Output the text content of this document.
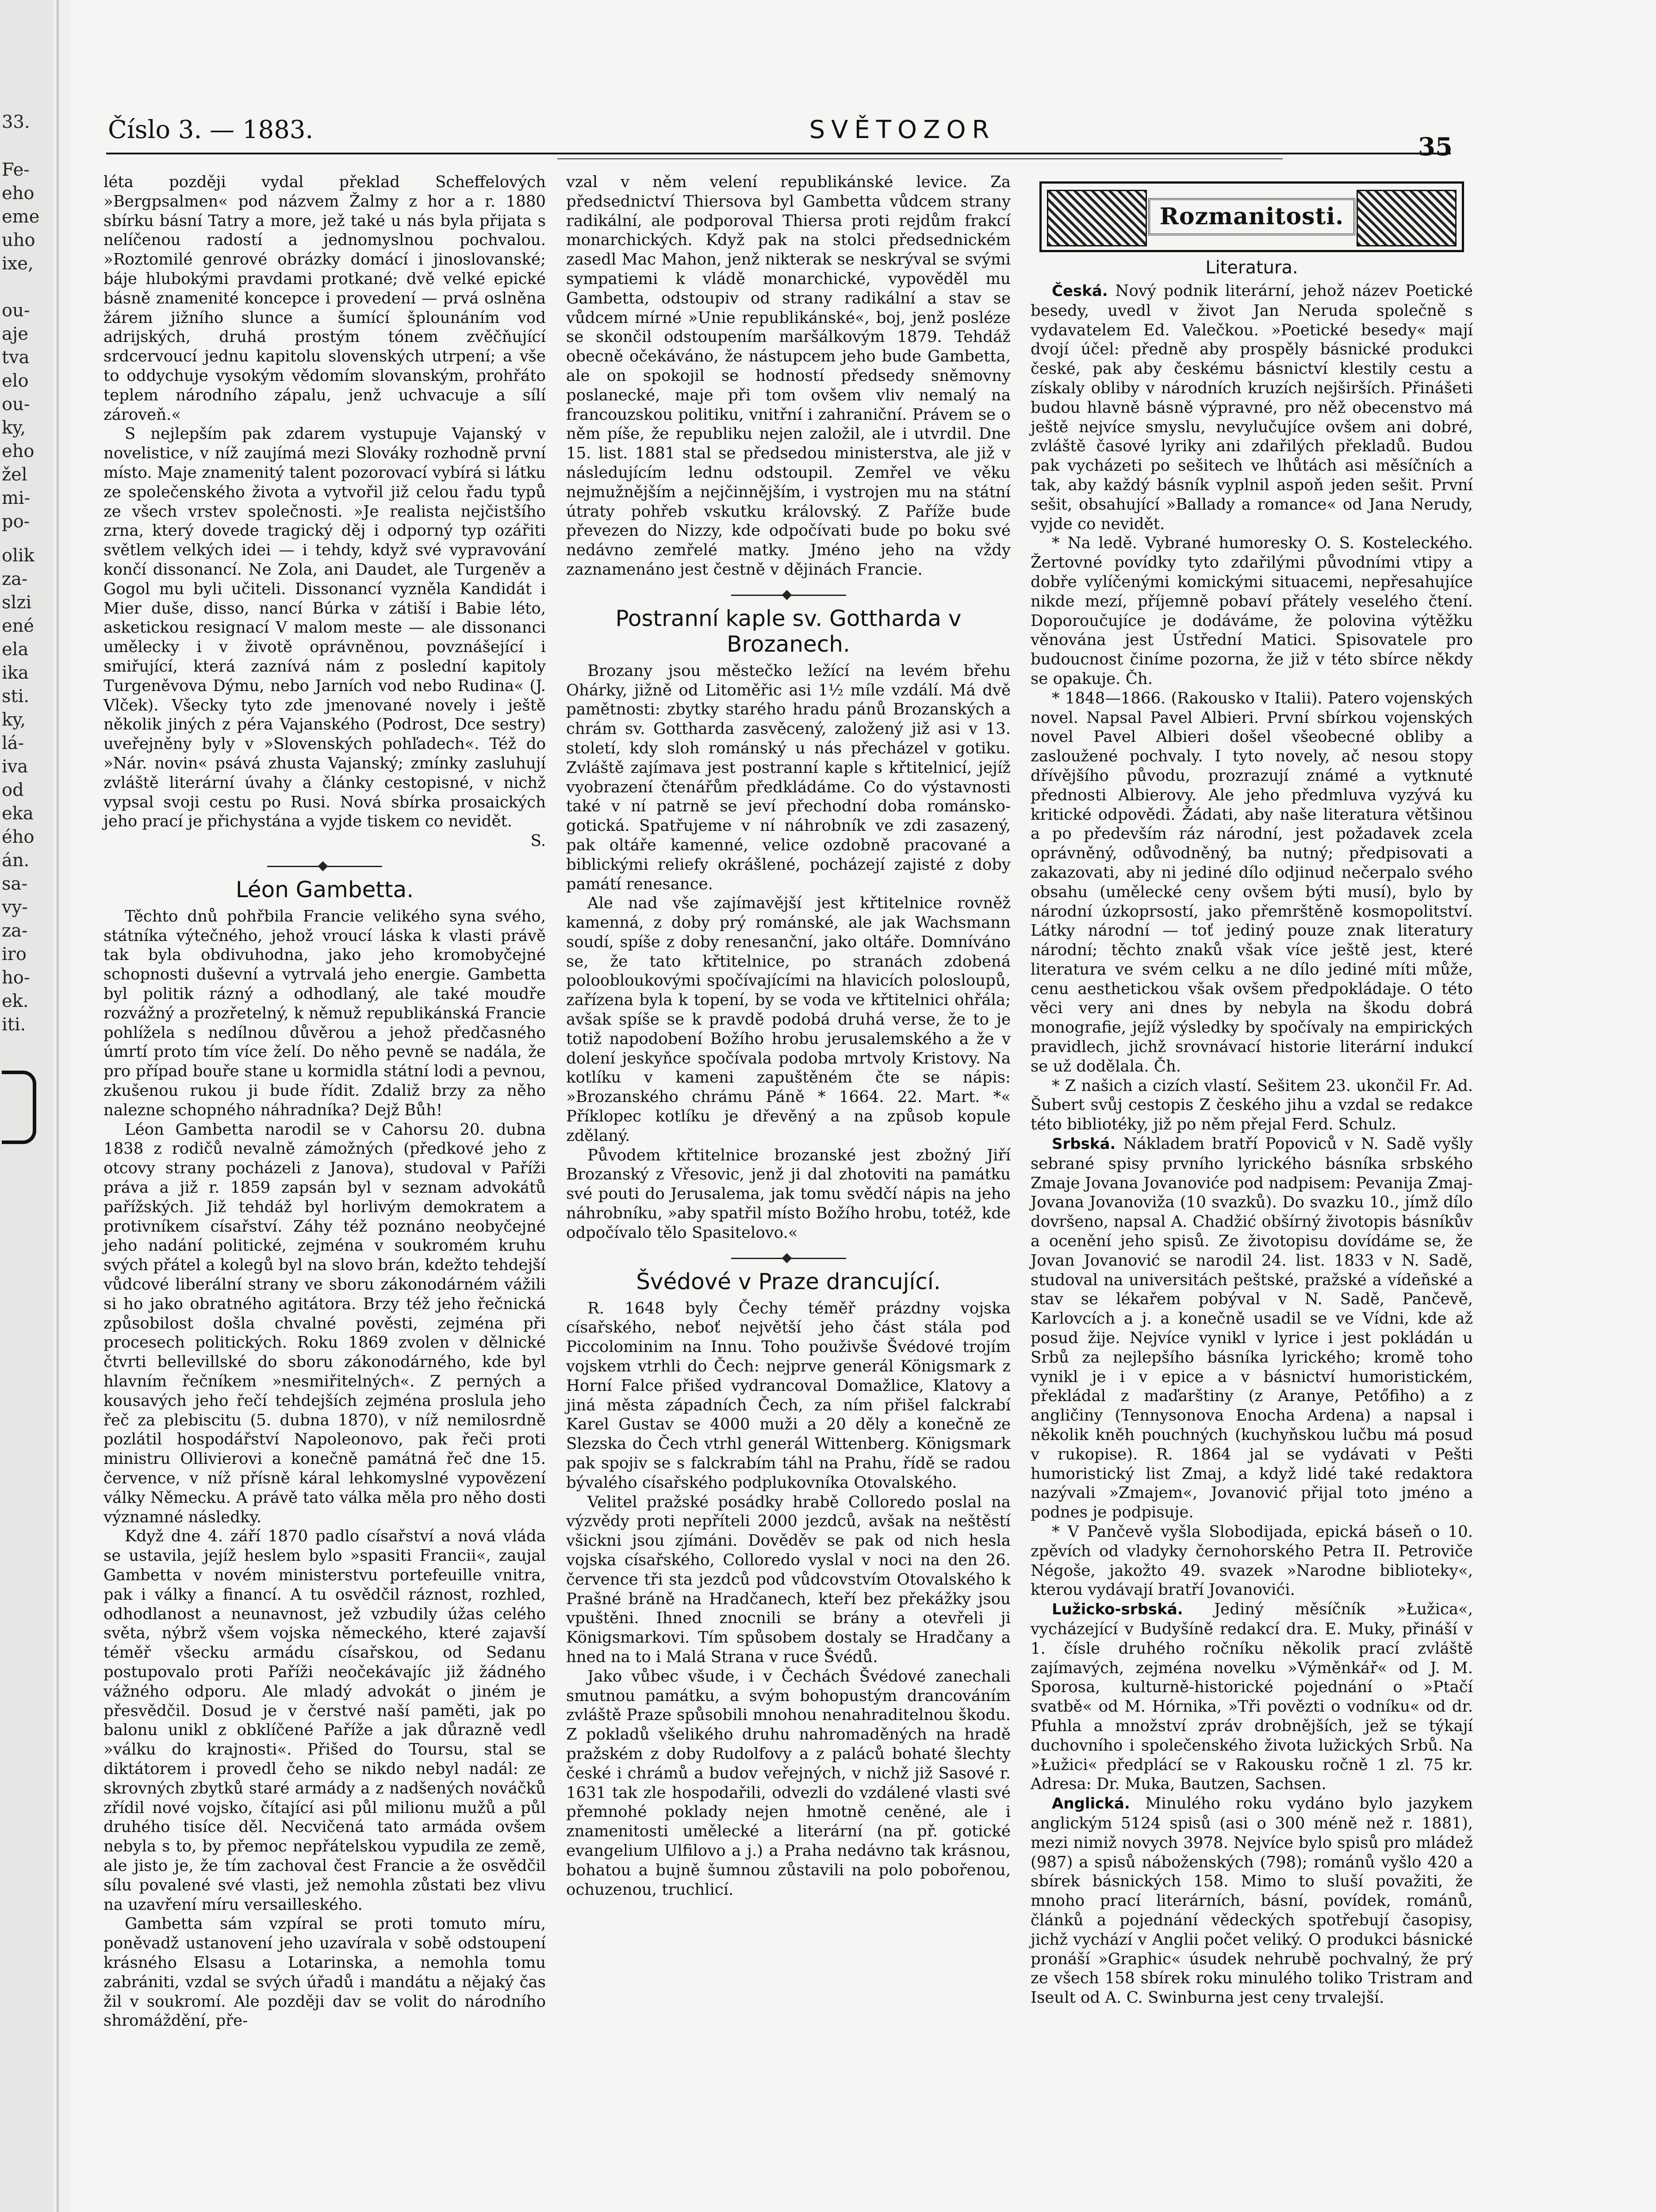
33.
Fe-
eho
eme
uho
ixe,
ou-
aje
tva
elo
ou-
ky,
eho
žel
mi-
po-
olik
za-
slzi
ené
ela
ika
sti.
ky,
lá-
iva
od
eka
ého
án.
sa-
vy-
za-
iro
ho-
ek.
iti.
Číslo 3. — 1883.	SVĚTOZOR
35

léta později vydal překlad Scheffelových »Bergpsalmen« pod názvem Žalmy z hor a r. 1880 sbírku básní Tatry a more, jež také u nás byla přijata s nelíčenou radostí a jednomyslnou pochvalou. »Roztomilé genrové obrázky domácí i jinoslovanské; báje hlubokými pravdami protkané; dvě velké epické básně znamenité koncepce i provedení — prvá oslněna žárem jižního slunce a šumící šplounáním vod adrijských, druhá prostým tónem zvěčňující srdcervoucí jednu kapitolu slovenských utrpení; a vše to oddychuje vysokým vědomím slovanským, prohřáto teplem národního zápalu, jenž uchvacuje a sílí zároveň.«

S nejlepším pak zdarem vystupuje Vajanský v novelistice, v níž zaujímá mezi Slováky rozhodně první místo. Maje znamenitý talent pozorovací vybírá si látku ze společenského života a vytvořil již celou řadu typů ze všech vrstev společnosti. »Je realista nejčistšího zrna, který dovede tragický děj i odporný typ ozářiti světlem velkých idei — i tehdy, když své vypravování končí dissonancí. Ne Zola, ani Daudet, ale Turgeněv a Gogol mu byli učiteli. Dissonancí vyzněla Kandidát i Mier duše, disso, nancí Búrka v zátiší i Babie léto, asketickou resignací V malom meste — ale dissonanci umělecky i v životě oprávněnou, povznášející i smiřující, která zaznívá nám z poslední kapitoly Turgeněvova Dýmu, nebo Jarních vod nebo Rudina« (J. Vlček). Všecky tyto zde jmenované novely i ještě několik jiných z péra Vajanského (Podrost, Dce sestry) uveřejněny byly v »Slovenských pohľadech«. Též do »Nár. novin« psává zhusta Vajanský; zmínky zasluhují zvláště literární úvahy a články cestopisné, v nichž vypsal svoji cestu po Rusi. Nová sbírka prosaických jeho prací je přichystána a vyjde tiskem co nevidět.

S.

Léon Gambetta.

Těchto dnů pohřbila Francie velikého syna svého, státníka výtečného, jehož vroucí láska k vlasti právě tak byla obdivuhodna, jako jeho kromobyčejné schopnosti duševní a vytrvalá jeho energie. Gambetta byl politik rázný a odhodlaný, ale také moudře rozvážný a prozřetelný, k němuž republikánská Francie pohlížela s nedílnou důvěrou a jehož předčasného úmrtí proto tím více želí. Do něho pevně se nadála, že pro případ bouře stane u kormidla státní lodi a pevnou, zkušenou rukou ji bude řídit. Zdaliž brzy za něho nalezne schopného náhradníka? Dejž Bůh!

Léon Gambetta narodil se v Cahorsu 20. dubna 1838 z rodičů nevalně zámožných (předkové jeho z otcovy strany pocházeli z Janova), studoval v Paříži práva a již r. 1859 zapsán byl v seznam advokátů pařížských. Již tehdáž byl horlivým demokratem a protivníkem císařství. Záhy též poznáno neobyčejné jeho nadání politické, zejména v soukromém kruhu svých přátel a kolegů byl na slovo brán, kdežto tehdejší vůdcové liberální strany ve sboru zákonodárném vážili si ho jako obratného agitátora. Brzy též jeho řečnická způsobilost došla chvalné pověsti, zejména při procesech politických. Roku 1869 zvolen v dělnické čtvrti bellevillské do sboru zákonodárného, kde byl hlavním řečníkem »nesmiřitelných«. Z perných a kousavých jeho řečí tehdejších zejména proslula jeho řeč za plebiscitu (5. dubna 1870), v níž nemilosrdně pozlátil hospodářství Napoleonovo, pak řeči proti ministru Ollivierovi a konečně památná řeč dne 15. července, v níž přísně káral lehkomyslné vypovězení války Německu. A právě tato válka měla pro něho dosti významné následky.

Když dne 4. září 1870 padlo císařství a nová vláda se ustavila, jejíž heslem bylo »spasiti Francii«, zaujal Gambetta v novém ministerstvu portefeuille vnitra, pak i války a financí. A tu osvědčil ráznost, rozhled, odhodlanost a neunavnost, jež vzbudily úžas celého světa, nýbrž všem vojska německého, které zajavší téměř všecku armádu císařskou, od Sedanu postupovalo proti Paříži neočekávajíc již žádného vážného odporu. Ale mladý advokát o jiném je přesvědčil. Dosud je v čerstvé naší paměti, jak po balonu unikl z obklíčené Paříže a jak důrazně vedl »válku do krajnosti«. Přišed do Toursu, stal se diktátorem i provedl čeho se nikdo nebyl nadál: ze skrovných zbytků staré armády a z nadšených nováčků zřídil nové vojsko, čítající asi půl milionu mužů a půl druhého tisíce děl. Necvičená tato armáda ovšem nebyla s to, by přemoc nepřátelskou vypudila ze země, ale jisto je, že tím zachoval čest Francie a že osvědčil sílu povalené své vlasti, jež nemohla zůstati bez vlivu na uzavření míru versailleského.

Gambetta sám vzpíral se proti tomuto míru, poněvadž ustanovení jeho uzavírala v sobě odstoupení krásného Elsasu a Lotarinska, a nemohla tomu zabrániti, vzdal se svých úřadů i mandátu a nějaký čas žil v soukromí. Ale později dav se volit do národního shromáždění, pře-

vzal v něm velení republikánské levice. Za předsednictví Thiersova byl Gambetta vůdcem strany radikální, ale podporoval Thiersa proti rejdům frakcí monarchických. Když pak na stolci předsednickém zasedl Mac Mahon, jenž nikterak se neskrýval se svými sympatiemi k vládě monarchické, vypověděl mu Gambetta, odstoupiv od strany radikální a stav se vůdcem mírné »Unie republikánské«, boj, jenž posléze se skončil odstoupením maršálkovým 1879. Tehdáž obecně očekáváno, že nástupcem jeho bude Gambetta, ale on spokojil se hodností předsedy sněmovny poslanecké, maje při tom ovšem vliv nemalý na francouzskou politiku, vnitřní i zahraniční. Právem se o něm píše, že republiku nejen založil, ale i utvrdil. Dne 15. list. 1881 stal se předsedou ministerstva, ale již v následujícím lednu odstoupil. Zemřel ve věku nejmužnějším a nejčinnějším, i vystrojen mu na státní útraty pohřeb vskutku královský. Z Paříže bude převezen do Nizzy, kde odpočívati bude po boku své nedávno zemřelé matky. Jméno jeho na vždy zaznamenáno jest čestně v dějinách Francie.

Postranní kaple sv. Gottharda v Brozanech.

Brozany jsou městečko ležící na levém břehu Ohárky, jižně od Litoměřic asi 1½ míle vzdálí. Má dvě pamětnosti: zbytky starého hradu pánů Brozanských a chrám sv. Gottharda zasvěcený, založený již asi v 13. století, kdy sloh románský u nás přecházel v gotiku. Zvláště zajímava jest postranní kaple s křtitelnicí, jejíž vyobrazení čtenářům předkládáme. Co do výstavnosti také v ní patrně se jeví přechodní doba románsko-gotická. Spatřujeme v ní náhrobník ve zdi zasazený, pak oltáře kamenné, velice ozdobně pracované a biblickými reliefy okrášlené, pocházejí zajisté z doby památí renesance.

Ale nad vše zajímavější jest křtitelnice rovněž kamenná, z doby prý románské, ale jak Wachsmann soudí, spíše z doby renesanční, jako oltáře. Domníváno se, že tato křtitelnice, po stranách zdobená poloobloukovými spočívajícími na hlavicích polosloupů, zařízena byla k topení, by se voda ve křtitelnici ohřála; avšak spíše se k pravdě podobá druhá verse, že to je totiž napodobení Božího hrobu jerusalemského a že v dolení jeskyňce spočívala podoba mrtvoly Kristovy. Na kotlíku v kameni zapuštěném čte se nápis: »Brozanského chrámu Páně * 1664. 22. Mart. *« Příklopec kotlíku je dřevěný a na způsob kopule zdělaný.

Původem křtitelnice brozanské jest zbožný Jiří Brozanský z Vřesovic, jenž ji dal zhotoviti na památku své pouti do Jerusalema, jak tomu svědčí nápis na jeho náhrobníku, »aby spatřil místo Božího hrobu, totéž, kde odpočívalo tělo Spasitelovo.«

Švédové v Praze drancující.

R. 1648 byly Čechy téměř prázdny vojska císařského, neboť největší jeho část stála pod Piccolominim na Innu. Toho použivše Švédové trojím vojskem vtrhli do Čech: nejprve generál Königsmark z Horní Falce přišed vydrancoval Domažlice, Klatovy a jiná města západních Čech, za ním přišel falckrabí Karel Gustav se 4000 muži a 20 děly a konečně ze Slezska do Čech vtrhl generál Wittenberg. Königsmark pak spojiv se s falckrabím táhl na Prahu, řídě se radou bývalého císařského podplukovníka Otovalského.

Velitel pražské posádky hrabě Colloredo poslal na výzvědy proti nepříteli 2000 jezdců, avšak na neštěstí všickni jsou zjímáni. Dověděv se pak od nich hesla vojska císařského, Colloredo vyslal v noci na den 26. července tři sta jezdců pod vůdcovstvím Otovalského k Prašné bráně na Hradčanech, kteří bez překážky jsou vpuštěni. Ihned znocnili se brány a otevřeli ji Königsmarkovi. Tím spůsobem dostaly se Hradčany a hned na to i Malá Strana v ruce Švédů.

Jako vůbec všude, i v Čechách Švédové zanechali smutnou památku, a svým bohopustým drancováním zvláště Praze spůsobili mnohou nenahraditelnou škodu. Z pokladů všelikého druhu nahromaděných na hradě pražském z doby Rudolfovy a z paláců bohaté šlechty české i chrámů a budov veřejných, v nichž již Sasové r. 1631 tak zle hospodařili, odvezli do vzdálené vlasti své přemnohé poklady nejen hmotně ceněné, ale i znamenitosti umělecké a literární (na př. gotické evangelium Ulfilovo a j.) a Praha nedávno tak krásnou, bohatou a bujně šumnou zůstavili na polo pobořenou, ochuzenou, truchlicí.

Rozmanitosti.
Literatura.

Česká. Nový podnik literární, jehož název Poetické besedy, uvedl v život Jan Neruda společně s vydavatelem Ed. Valečkou. »Poetické besedy« mají dvojí účel: předně aby prospěly básnické produkci české, pak aby českému básnictví klestily cestu a získaly obliby v národních kruzích nejširších. Přinášeti budou hlavně básně výpravné, pro něž obecenstvo má ještě nejvíce smyslu, nevylučujíce ovšem ani dobré, zvláště časové lyriky ani zdařilých překladů. Budou pak vycházeti po sešitech ve lhůtách asi měsíčních a tak, aby každý básník vyplnil aspoň jeden sešit. První sešit, obsahující »Ballady a romance« od Jana Nerudy, vyjde co nevidět.

* Na ledě. Vybrané humoresky O. S. Kosteleckého. Žertovné povídky tyto zdařilými původními vtipy a dobře vylíčenými komickými situacemi, nepřesahujíce nikde mezí, příjemně pobaví přátely veselého čtení. Doporoučujíce je dodáváme, že polovina výtěžku věnována jest Ústřední Matici. Spisovatele pro budoucnost činíme pozorna, že již v této sbírce někdy se opakuje. Čh.

* 1848—1866. (Rakousko v Italii). Patero vojenských novel. Napsal Pavel Albieri. První sbírkou vojenských novel Pavel Albieri došel všeobecné obliby a zasloužené pochvaly. I tyto novely, ač nesou stopy dřívějšího původu, prozrazují známé a vytknuté přednosti Albierovy. Ale jeho předmluva vyzývá ku kritické odpovědi. Žádati, aby naše literatura většinou a po především ráz národní, jest požadavek zcela oprávněný, odůvodněný, ba nutný; předpisovati a zakazovati, aby ni jediné dílo odjinud nečerpalo svého obsahu (umělecké ceny ovšem býti musí), bylo by národní úzkoprsostí, jako přemrštěně kosmopolitství. Látky národní — toť jediný pouze znak literatury národní; těchto znaků však více ještě jest, které literatura ve svém celku a ne dílo jediné míti může, cenu aesthetickou však ovšem předpokládaje. O této věci very ani dnes by nebyla na škodu dobrá monografie, jejíž výsledky by spočívaly na empirických pravidlech, jichž srovnávací historie literární indukcí se už dodělala. Čh.

* Z našich a cizích vlastí. Sešitem 23. ukončil Fr. Ad. Šubert svůj cestopis Z českého jihu a vzdal se redakce této bibliotéky, již po něm přejal Ferd. Schulz.

Srbská. Nákladem bratří Popoviců v N. Sadě vyšly sebrané spisy prvního lyrického básníka srbského Zmaje Jovana Jovanoviće pod nadpisem: Pevanija Zmaj-Jovana Jovanoviža (10 svazků). Do svazku 10., jímž dílo dovršeno, napsal A. Chadžić obšírný životopis básníkův a ocenění jeho spisů. Ze životopisu dovídáme se, že Jovan Jovanović se narodil 24. list. 1833 v N. Sadě, studoval na universitách peštské, pražské a vídeňské a stav se lékařem pobýval v N. Sadě, Pančevě, Karlovcích a j. a konečně usadil se ve Vídni, kde až posud žije. Nejvíce vynikl v lyrice i jest pokládán u Srbů za nejlepšího básníka lyrického; kromě toho vynikl je i v epice a v básnictví humoristickém, překládal z maďarštiny (z Aranye, Petőfiho) a z angličiny (Tennysonova Enocha Ardena) a napsal i několik kněh pouchných (kuchyňskou lučbu má posud v rukopise). R. 1864 jal se vydávati v Pešti humoristický list Zmaj, a když lidé také redaktora nazývali »Zmajem«, Jovanović přijal toto jméno a podnes je podpisuje.

* V Pančevě vyšla Slobodijada, epická báseň o 10. zpěvích od vladyky černohorského Petra II. Petroviče Négoše, jakožto 49. svazek »Narodne biblioteky«, kterou vydávají bratří Jovanovići.

Lužicko-srbská. Jediný měsíčník »Łužica«, vycházející v Budyšíně redakcí dra. E. Muky, přináší v 1. čísle druhého ročníku několik prací zvláště zajímavých, zejména novelku »Výměnkář« od J. M. Sporosa, kulturně-historické pojednání o »Ptačí svatbě« od M. Hórnika, »Tři povězti o vodníku« od dr. Pfuhla a množství zpráv drobnějších, jež se týkají duchovního i společenského života lužických Srbů. Na »Łužici« předplácí se v Rakousku ročně 1 zl. 75 kr. Adresa: Dr. Muka, Bautzen, Sachsen.

Anglická. Minulého roku vydáno bylo jazykem anglickým 5124 spisů (asi o 300 méně než r. 1881), mezi nimiž novych 3978. Nejvíce bylo spisů pro mládež (987) a spisů náboženských (798); románů vyšlo 420 a sbírek básnických 158. Mimo to sluší považiti, že mnoho prací literárních, básní, povídek, románů, článků a pojednání vědeckých spotřebují časopisy, jichž vychází v Anglii počet veliký. O produkci básnické pronáší »Graphic« úsudek nehrubě pochvalný, že prý ze všech 158 sbírek roku minulého toliko Tristram and Iseult od A. C. Swinburna jest ceny trvalejší.
